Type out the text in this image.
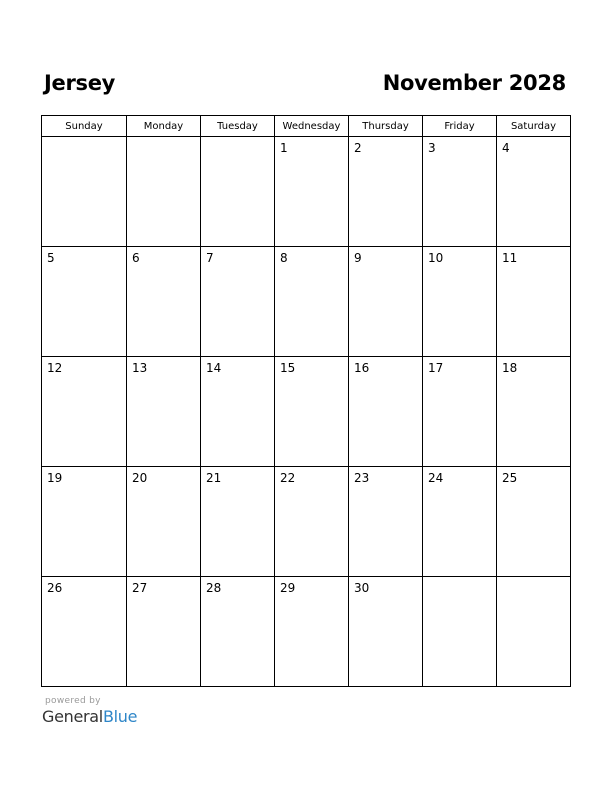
Jersey	November 2028
Sunday	Monday	Tuesday	Wednesday	Thursday	Friday	Saturday

			1	2	3	4

5	6	7	8	9	10	11

12	13	14	15	16	17	18

19	20	21	22	23	24	25

26	27	28	29	30		

powered by
GeneralBlue
